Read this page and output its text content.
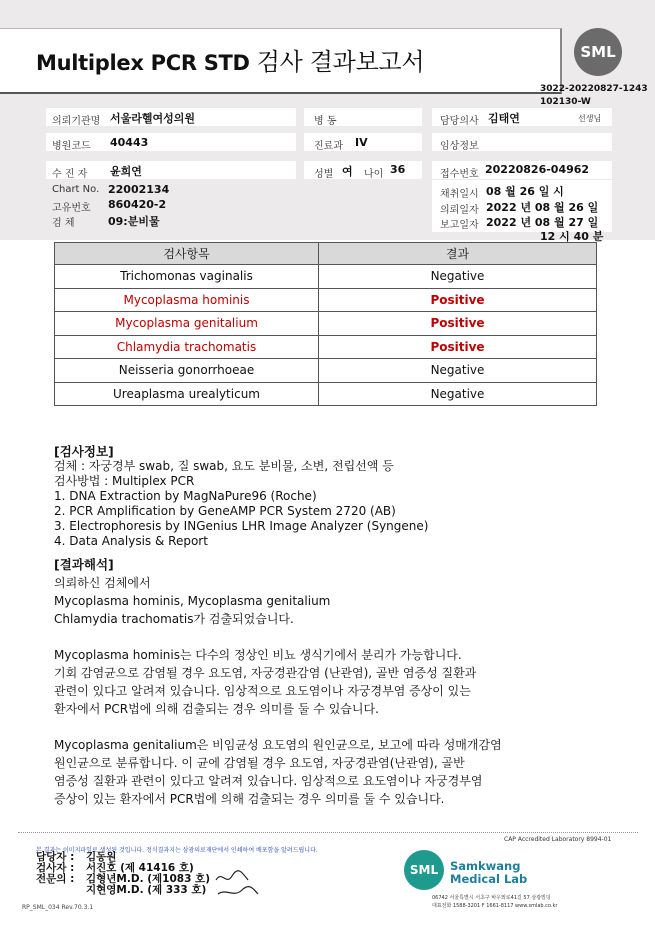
Multiplex PCR STD 검사 결과보고서	SML
3022-20220827-1243
102130-W
의뢰기관명 서울라헬여성의원	병 동	담당의사 김태연	선생님
병원코드 40443	진료과 IV	임상정보
수 진 자 윤희연	성별 여 나이 36	접수번호 20220826-04962
Chart No. 22002134
고유번호 860420-2
검 체	09:분비물
채취일시 08 월 26 일 시
의뢰일자 2022 년 08 월 26 일
보고일자 2022 년 08 월 27 일
12 시 40 분
검사항목	결과
Trichomonas vaginalis	Negative
Mycoplasma hominis	Positive
Mycoplasma genitalium	Positive
Chlamydia trachomatis	Positive
Neisseria gonorrhoeae	Negative
Ureaplasma urealyticum	Negative
[검사정보]
검체 : 자궁경부 swab, 질 swab, 요도 분비물, 소변, 전립선액 등
검사방법 : Multiplex PCR
1. DNA Extraction by MagNaPure96 (Roche)
2. PCR Amplification by GeneAMP PCR System 2720 (AB)
3. Electrophoresis by INGenius LHR Image Analyzer (Syngene)
4. Data Analysis & Report
[결과해석]

의뢰하신 검체에서
Mycoplasma hominis, Mycoplasma genitalium
Chlamydia trachomatis가 검출되었습니다.

Mycoplasma hominis는 다수의 정상인 비뇨 생식기에서 분리가 가능합니다.
기회 감염균으로 감염될 경우 요도염, 자궁경관감염 (난관염), 골반 염증성 질환과
관련이 있다고 알려져 있습니다. 임상적으로 요도염이나 자궁경부염 증상이 있는
환자에서 PCR법에 의해 검출되는 경우 의미를 둘 수 있습니다.

Mycoplasma genitalium은 비임균성 요도염의 원인균으로, 보고에 따라 성매개감염
원인균으로 분류합니다. 이 균에 감염될 경우 요도염, 자궁경관염(난관염), 골반
염증성 질환과 관련이 있다고 알려져 있습니다. 임상적으로 요도염이나 자궁경부염
증상이 있는 환자에서 PCR법에 의해 검출되는 경우 의미를 둘 수 있습니다.

본 결과는 이미지파일로 생성된 것입니다. 정식결과지는 삼광의료재단에서 인쇄하여 배포함을 알려드립니다.
CAP Accredited Laboratory 8994-01
담당자 : 김동원
검사자 : 서진호 (제 41416 호)
전문의 : 김형년M.D. (제1083 호)
지현영M.D. (제 333 호)
SML	Samkwang
Medical Lab
06742 서울특별시 서초구 바우뫼로41길 57 삼광빌딩
대표전화 1588-3201 F 1661-8117 www.smlab.co.kr
RP_SML_034 Rev.70.3.1
